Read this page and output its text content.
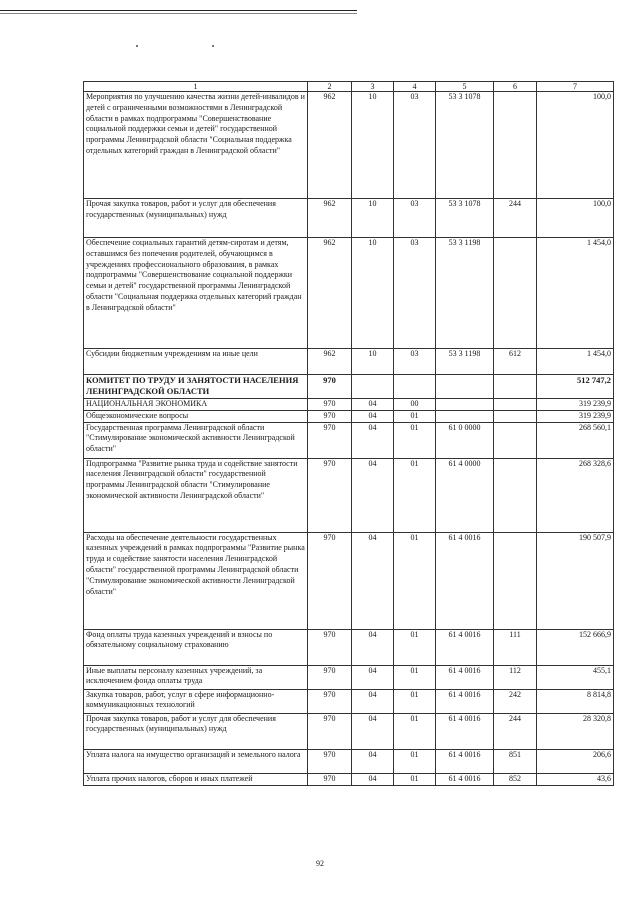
1	2	3	4	5	6	7
Мероприятия по улучшению качества жизни детей-инвалидов и детей с ограниченными возможностями в Ленинградской области в рамках подпрограммы "Совершенствование социальной поддержки семьи и детей" государственной программы Ленинградской области "Социальная поддержка отдельных категорий граждан в Ленинградской области"	962	10	03	53 3 1078		100,0
Прочая закупка товаров, работ и услуг для обеспечения государственных (муниципальных) нужд	962	10	03	53 3 1078	244	100,0
Обеспечение социальных гарантий детям-сиротам и детям, оставшимся без попечения родителей, обучающимся в учреждениях профессионального образования, в рамках подпрограммы "Совершенствование социальной поддержки семьи и детей" государственной программы Ленинградской области "Социальная поддержка отдельных категорий граждан в Ленинградской области"	962	10	03	53 3 1198		1 454,0
Субсидии бюджетным учреждениям на иные цели	962	10	03	53 3 1198	612	1 454,0
КОМИТЕТ ПО ТРУДУ И ЗАНЯТОСТИ НАСЕЛЕНИЯ ЛЕНИНГРАДСКОЙ ОБЛАСТИ	970					512 747,2
НАЦИОНАЛЬНАЯ ЭКОНОМИКА	970	04	00			319 239,9
Общеэкономические вопросы	970	04	01			319 239,9
Государственная программа Ленинградской области "Стимулирование экономической активности Ленинградской области"	970	04	01	61 0 0000		268 560,1
Подпрограмма "Развитие рынка труда и содействие занятости населения Ленинградской области" государственной программы Ленинградской области "Стимулирование экономической активности Ленинградской области"	970	04	01	61 4 0000		268 328,6
Расходы на обеспечение деятельности государственных казенных учреждений в рамках подпрограммы "Развитие рынка труда и содействие занятости населения Ленинградской области" государственной программы Ленинградской области "Стимулирование экономической активности Ленинградской области"	970	04	01	61 4 0016		190 507,9
Фонд оплаты труда казенных учреждений и взносы по обязательному социальному страхованию	970	04	01	61 4 0016	111	152 666,9
Иные выплаты персоналу казенных учреждений, за исключением фонда оплаты труда	970	04	01	61 4 0016	112	455,1
Закупка товаров, работ, услуг в сфере информационно-коммуникационных технологий	970	04	01	61 4 0016	242	8 814,8
Прочая закупка товаров, работ и услуг для обеспечения государственных (муниципальных) нужд	970	04	01	61 4 0016	244	28 320,8
Уплата налога на имущество организаций и земельного налога	970	04	01	61 4 0016	851	206,6
Уплата прочих налогов, сборов и иных платежей	970	04	01	61 4 0016	852	43,6
92
